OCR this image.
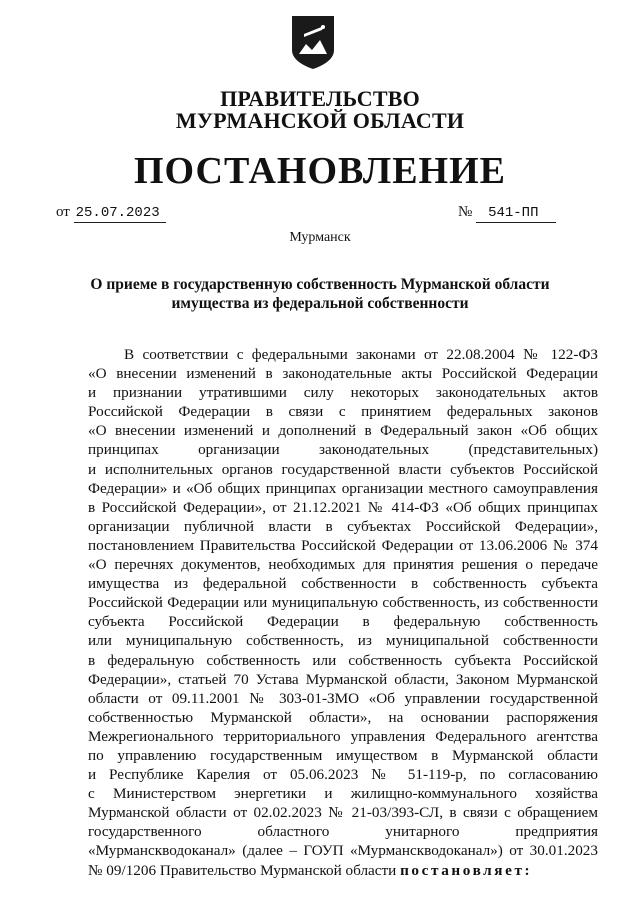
ПРАВИТЕЛЬСТВО
МУРМАНСКОЙ ОБЛАСТИ
ПОСТАНОВЛЕНИЕ
от 25.07.2023	№ 541-ПП
Мурманск
О приеме в государственную собственность Мурманской области
имущества из федеральной собственности
В соответствии с федеральными законами от 22.08.2004 № 122-ФЗ
«О внесении изменений в законодательные акты Российской Федерации
и признании утратившими силу некоторых законодательных актов
Российской Федерации в связи с принятием федеральных законов
«О внесении изменений и дополнений в Федеральный закон «Об общих
принципах организации законодательных (представительных)
и исполнительных органов государственной власти субъектов Российской
Федерации» и «Об общих принципах организации местного самоуправления
в Российской Федерации», от 21.12.2021 № 414-ФЗ «Об общих принципах
организации публичной власти в субъектах Российской Федерации»,
постановлением Правительства Российской Федерации от 13.06.2006 № 374
«О перечнях документов, необходимых для принятия решения о передаче
имущества из федеральной собственности в собственность субъекта
Российской Федерации или муниципальную собственность, из собственности
субъекта Российской Федерации в федеральную собственность
или муниципальную собственность, из муниципальной собственности
в федеральную собственность или собственность субъекта Российской
Федерации», статьей 70 Устава Мурманской области, Законом Мурманской
области от 09.11.2001 № 303-01-ЗМО «Об управлении государственной
собственностью Мурманской области», на основании распоряжения
Межрегионального территориального управления Федерального агентства
по управлению государственным имуществом в Мурманской области
и Республике Карелия от 05.06.2023 № 51-119-р, по согласованию
с Министерством энергетики и жилищно-коммунального хозяйства
Мурманской области от 02.02.2023 № 21-03/393-СЛ, в связи с обращением
государственного областного унитарного предприятия
«Мурманскводоканал» (далее – ГОУП «Мурманскводоканал») от 30.01.2023
№ 09/1206 Правительство Мурманской области постановляет:
